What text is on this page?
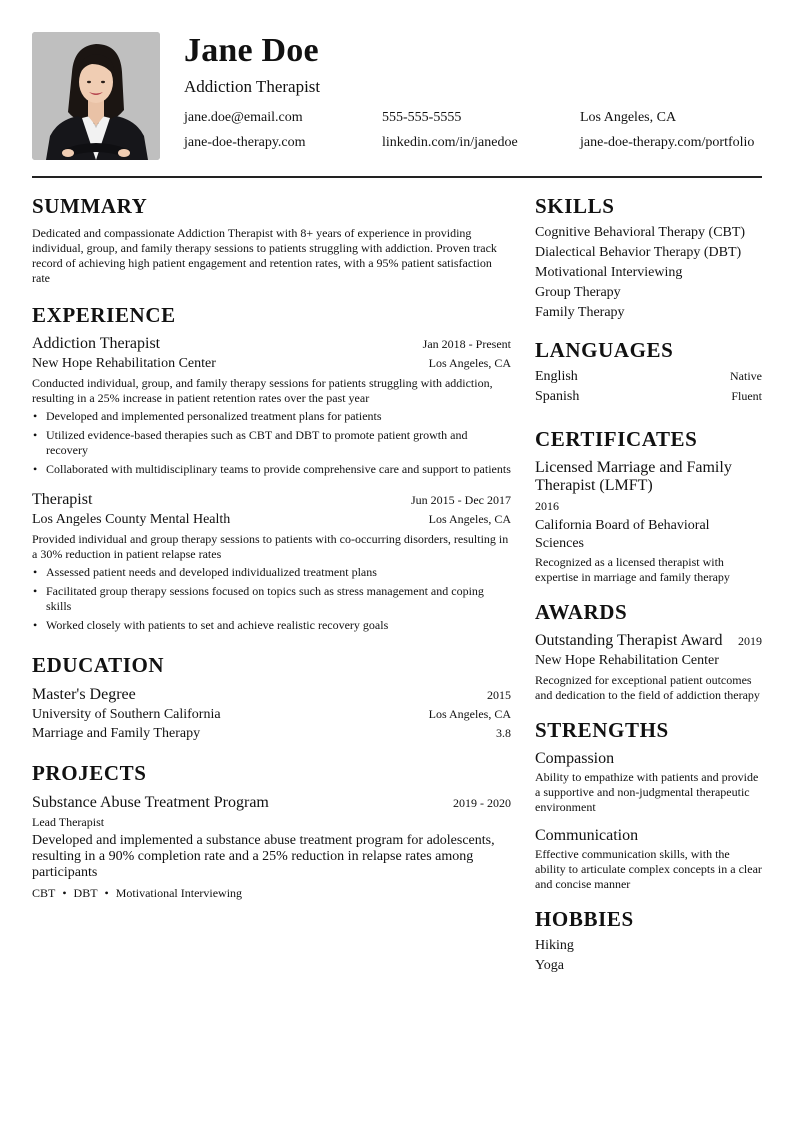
Jane Doe
Addiction Therapist
jane.doe@email.com	555-555-5555	Los Angeles, CA
jane-doe-therapy.com	linkedin.com/in/janedoe	jane-doe-therapy.com/portfolio
SUMMARY
Dedicated and compassionate Addiction Therapist with 8+ years of experience in providing individual, group, and family therapy sessions to patients struggling with addiction. Proven track record of achieving high patient engagement and retention rates, with a 95% patient satisfaction rate
EXPERIENCE
Addiction Therapist	Jan 2018 - Present
New Hope Rehabilitation Center	Los Angeles, CA
Conducted individual, group, and family therapy sessions for patients struggling with addiction, resulting in a 25% increase in patient retention rates over the past year
• Developed and implemented personalized treatment plans for patients
• Utilized evidence-based therapies such as CBT and DBT to promote patient growth and recovery
• Collaborated with multidisciplinary teams to provide comprehensive care and support to patients
Therapist	Jun 2015 - Dec 2017
Los Angeles County Mental Health	Los Angeles, CA
Provided individual and group therapy sessions to patients with co-occurring disorders, resulting in a 30% reduction in patient relapse rates
• Assessed patient needs and developed individualized treatment plans
• Facilitated group therapy sessions focused on topics such as stress management and coping skills
• Worked closely with patients to set and achieve realistic recovery goals
EDUCATION
Master's Degree	2015
University of Southern California	Los Angeles, CA
Marriage and Family Therapy	3.8
PROJECTS
Substance Abuse Treatment Program	2019 - 2020
Lead Therapist
Developed and implemented a substance abuse treatment program for adolescents, resulting in a 90% completion rate and a 25% reduction in relapse rates among participants
CBT • DBT • Motivational Interviewing
SKILLS
Cognitive Behavioral Therapy (CBT)
Dialectical Behavior Therapy (DBT)
Motivational Interviewing
Group Therapy
Family Therapy
LANGUAGES
English	Native
Spanish	Fluent
CERTIFICATES
Licensed Marriage and Family Therapist (LMFT)
2016
California Board of Behavioral Sciences
Recognized as a licensed therapist with expertise in marriage and family therapy
AWARDS
Outstanding Therapist Award 2019
New Hope Rehabilitation Center
Recognized for exceptional patient outcomes and dedication to the field of addiction therapy
STRENGTHS
Compassion
Ability to empathize with patients and provide a supportive and non-judgmental therapeutic environment
Communication
Effective communication skills, with the ability to articulate complex concepts in a clear and concise manner
HOBBIES
Hiking
Yoga
